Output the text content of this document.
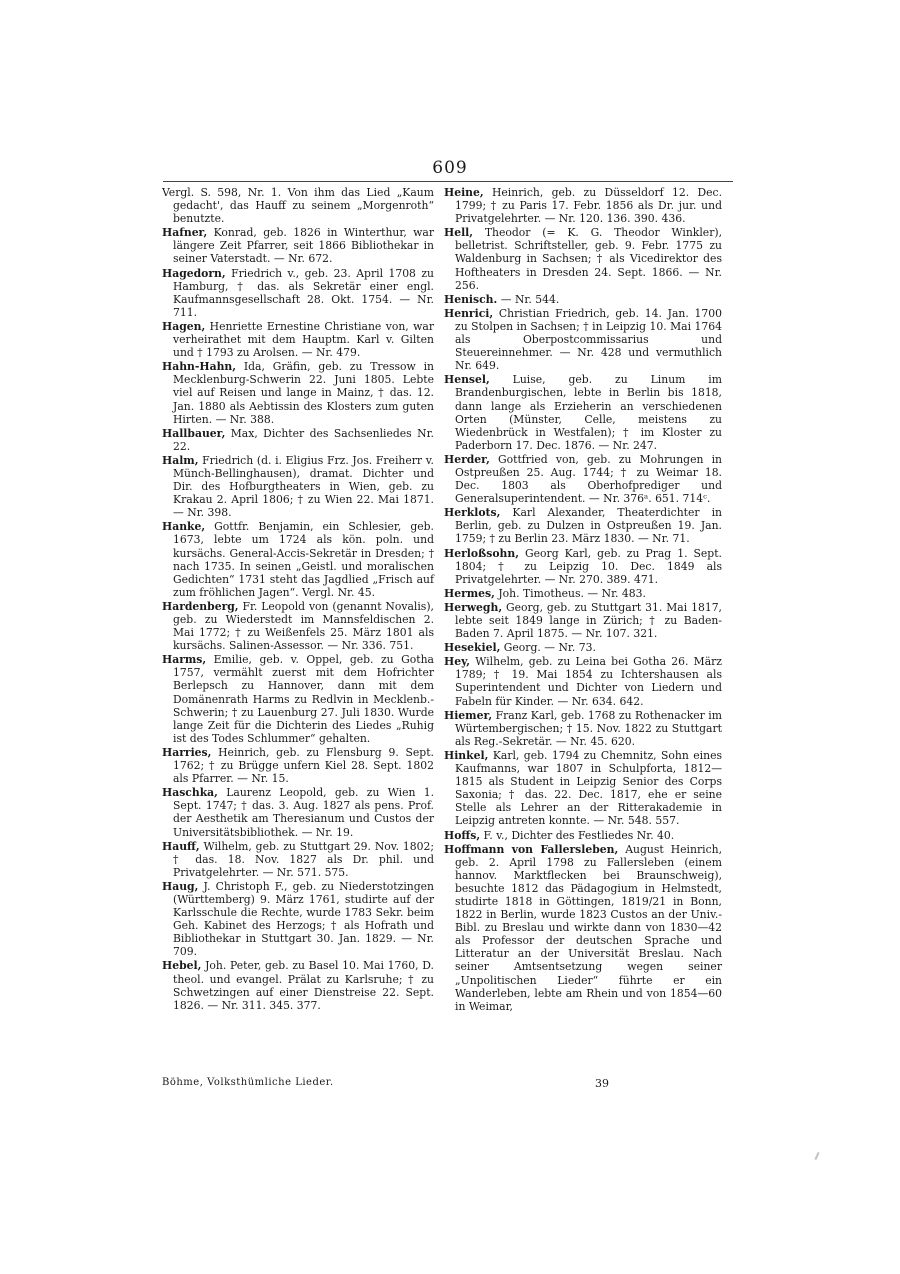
609
Vergl. S. 598, Nr. 1. Von ihm das Lied „Kaum gedacht', das Hauff zu seinem „Morgenroth“ benutzte.
Hafner, Konrad, geb. 1826 in Winterthur, war längere Zeit Pfarrer, seit 1866 Bibliothekar in seiner Vaterstadt. — Nr. 672.
Hagedorn, Friedrich v., geb. 23. April 1708 zu Hamburg, † das. als Sekretär einer engl. Kaufmannsgesellschaft 28. Okt. 1754. — Nr. 711.
Hagen, Henriette Ernestine Christiane von, war verheirathet mit dem Hauptm. Karl v. Gilten und † 1793 zu Arolsen. — Nr. 479.
Hahn-Hahn, Ida, Gräfin, geb. zu Tressow in Mecklenburg-Schwerin 22. Juni 1805. Lebte viel auf Reisen und lange in Mainz, † das. 12. Jan. 1880 als Aebtissin des Klosters zum guten Hirten. — Nr. 388.
Hallbauer, Max, Dichter des Sachsenliedes Nr. 22.
Halm, Friedrich (d. i. Eligius Frz. Jos. Freiherr v. Münch-Bellinghausen), dramat. Dichter und Dir. des Hofburgtheaters in Wien, geb. zu Krakau 2. April 1806; † zu Wien 22. Mai 1871. — Nr. 398.
Hanke, Gottfr. Benjamin, ein Schlesier, geb. 1673, lebte um 1724 als kön. poln. und kursächs. General-Accis-Sekretär in Dresden; † nach 1735. In seinen „Geistl. und moralischen Gedichten“ 1731 steht das Jagdlied „Frisch auf zum fröhlichen Jagen“. Vergl. Nr. 45.
Hardenberg, Fr. Leopold von (genannt Novalis), geb. zu Wiederstedt im Mannsfeldischen 2. Mai 1772; † zu Weißenfels 25. März 1801 als kursächs. Salinen-Assessor. — Nr. 336. 751.
Harms, Emilie, geb. v. Oppel, geb. zu Gotha 1757, vermählt zuerst mit dem Hofrichter Berlepsch zu Hannover, dann mit dem Domänenrath Harms zu Redlvin in Mecklenb.-Schwerin; † zu Lauenburg 27. Juli 1830. Wurde lange Zeit für die Dichterin des Liedes „Ruhig ist des Todes Schlummer“ gehalten.
Harries, Heinrich, geb. zu Flensburg 9. Sept. 1762; † zu Brügge unfern Kiel 28. Sept. 1802 als Pfarrer. — Nr. 15.
Haschka, Laurenz Leopold, geb. zu Wien 1. Sept. 1747; † das. 3. Aug. 1827 als pens. Prof. der Aesthetik am Theresianum und Custos der Universitätsbibliothek. — Nr. 19.
Hauff, Wilhelm, geb. zu Stuttgart 29. Nov. 1802; † das. 18. Nov. 1827 als Dr. phil. und Privatgelehrter. — Nr. 571. 575.
Haug, J. Christoph F., geb. zu Niederstotzingen (Württemberg) 9. März 1761, studirte auf der Karlsschule die Rechte, wurde 1783 Sekr. beim Geh. Kabinet des Herzogs; † als Hofrath und Bibliothekar in Stuttgart 30. Jan. 1829. — Nr. 709.
Hebel, Joh. Peter, geb. zu Basel 10. Mai 1760, D. theol. und evangel. Prälat zu Karlsruhe; † zu Schwetzingen auf einer Dienstreise 22. Sept. 1826. — Nr. 311. 345. 377.
Heine, Heinrich, geb. zu Düsseldorf 12. Dec. 1799; † zu Paris 17. Febr. 1856 als Dr. jur. und Privatgelehrter. — Nr. 120. 136. 390. 436.
Hell, Theodor (= K. G. Theodor Winkler), belletrist. Schriftsteller, geb. 9. Febr. 1775 zu Waldenburg in Sachsen; † als Vicedirektor des Hoftheaters in Dresden 24. Sept. 1866. — Nr. 256.
Henisch. — Nr. 544.
Henrici, Christian Friedrich, geb. 14. Jan. 1700 zu Stolpen in Sachsen; † in Leipzig 10. Mai 1764 als Oberpostcommissarius und Steuereinnehmer. — Nr. 428 und vermuthlich Nr. 649.
Hensel, Luise, geb. zu Linum im Brandenburgischen, lebte in Berlin bis 1818, dann lange als Erzieherin an verschiedenen Orten (Münster, Celle, meistens zu Wiedenbrück in Westfalen); † im Kloster zu Paderborn 17. Dec. 1876. — Nr. 247.
Herder, Gottfried von, geb. zu Mohrungen in Ostpreußen 25. Aug. 1744; † zu Weimar 18. Dec. 1803 als Oberhofprediger und Generalsuperintendent. — Nr. 376ᵃ. 651. 714ᶜ.
Herklots, Karl Alexander, Theaterdichter in Berlin, geb. zu Dulzen in Ostpreußen 19. Jan. 1759; † zu Berlin 23. März 1830. — Nr. 71.
Herloßsohn, Georg Karl, geb. zu Prag 1. Sept. 1804; † zu Leipzig 10. Dec. 1849 als Privatgelehrter. — Nr. 270. 389. 471.
Hermes, Joh. Timotheus. — Nr. 483.
Herwegh, Georg, geb. zu Stuttgart 31. Mai 1817, lebte seit 1849 lange in Zürich; † zu Baden-Baden 7. April 1875. — Nr. 107. 321.
Hesekiel, Georg. — Nr. 73.
Hey, Wilhelm, geb. zu Leina bei Gotha 26. März 1789; † 19. Mai 1854 zu Ichtershausen als Superintendent und Dichter von Liedern und Fabeln für Kinder. — Nr. 634. 642.
Hiemer, Franz Karl, geb. 1768 zu Rothenacker im Würtembergischen; † 15. Nov. 1822 zu Stuttgart als Reg.-Sekretär. — Nr. 45. 620.
Hinkel, Karl, geb. 1794 zu Chemnitz, Sohn eines Kaufmanns, war 1807 in Schulpforta, 1812—1815 als Student in Leipzig Senior des Corps Saxonia; † das. 22. Dec. 1817, ehe er seine Stelle als Lehrer an der Ritterakademie in Leipzig antreten konnte. — Nr. 548. 557.
Hoffs, F. v., Dichter des Festliedes Nr. 40.
Hoffmann von Fallersleben, August Heinrich, geb. 2. April 1798 zu Fallersleben (einem hannov. Marktflecken bei Braunschweig), besuchte 1812 das Pädagogium in Helmstedt, studirte 1818 in Göttingen, 1819/21 in Bonn, 1822 in Berlin, wurde 1823 Custos an der Univ.-Bibl. zu Breslau und wirkte dann von 1830—42 als Professor der deutschen Sprache und Litteratur an der Universität Breslau. Nach seiner Amtsentsetzung wegen seiner „Unpolitischen Lieder“ führte er ein Wanderleben, lebte am Rhein und von 1854—60 in Weimar,
Böhme, Volksthümliche Lieder.	39
